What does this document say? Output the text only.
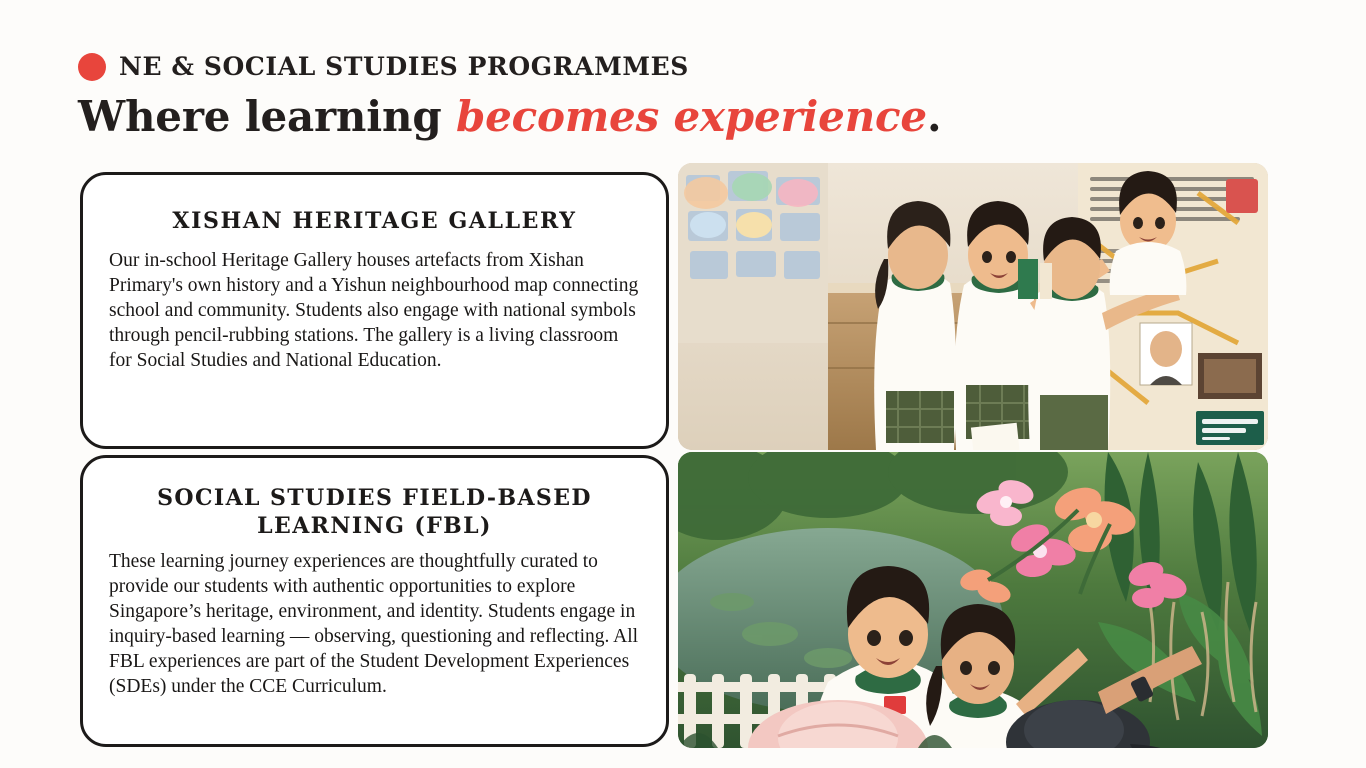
NE & SOCIAL STUDIES PROGRAMMES
Where learning becomes experience.
XISHAN HERITAGE GALLERY
Our in-school Heritage Gallery houses artefacts from Xishan Primary's own history and a Yishun neighbourhood map connecting school and community. Students also engage with national symbols through pencil-rubbing stations. The gallery is a living classroom for Social Studies and National Education.
SOCIAL STUDIES FIELD-BASED LEARNING (FBL)
These learning journey experiences are thoughtfully curated to provide our students with authentic opportunities to explore Singapore’s heritage, environment, and identity. Students engage in inquiry-based learning — observing, questioning and reflecting. All FBL experiences are part of the Student Development Experiences (SDEs) under the CCE Curriculum.
